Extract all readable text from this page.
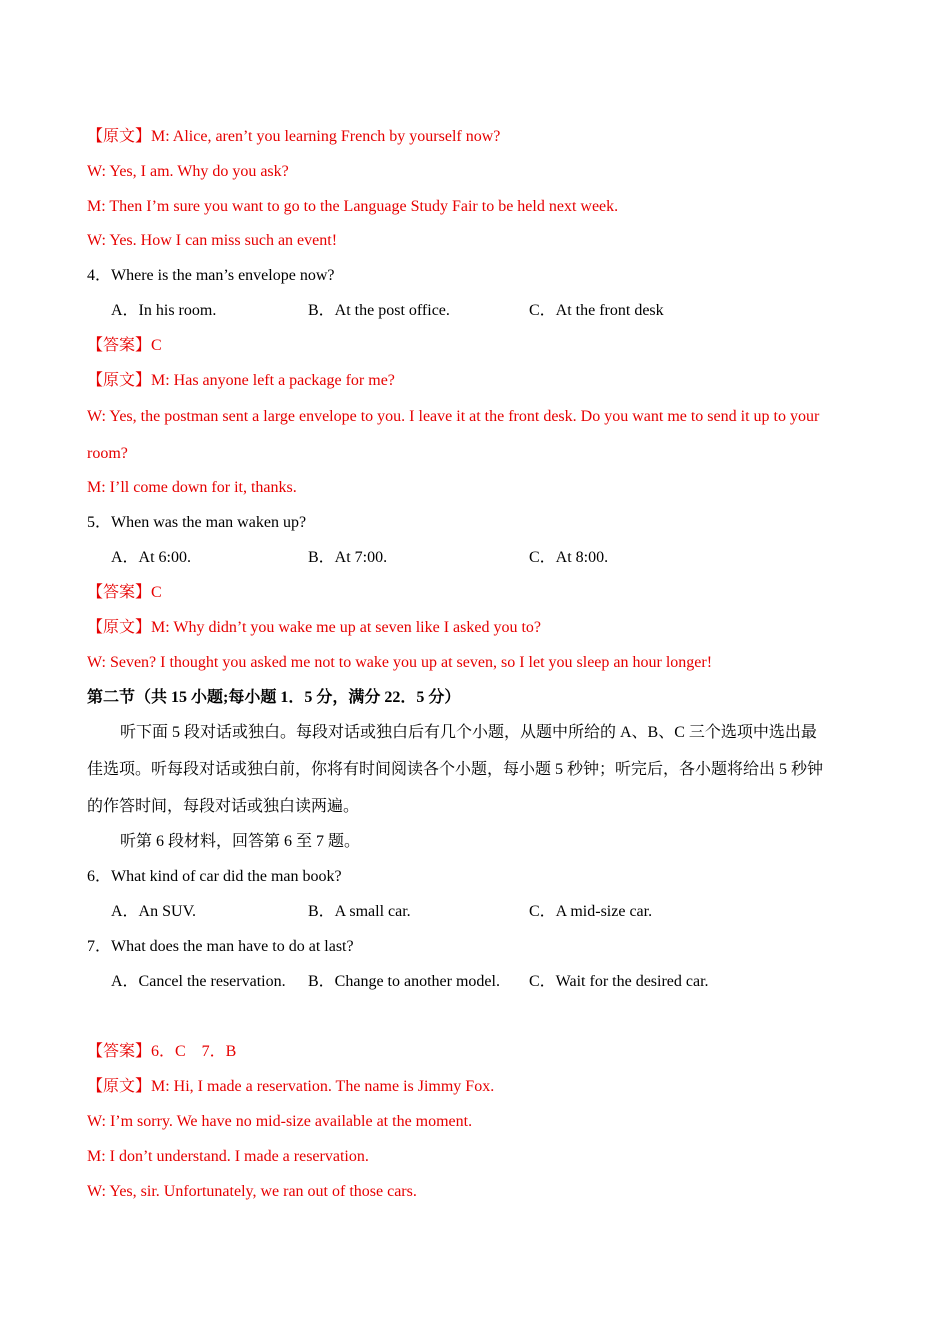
【原文】M: Alice, aren’t you learning French by yourself now?
W: Yes, I am. Why do you ask?
M: Then I’m sure you want to go to the Language Study Fair to be held next week.
W: Yes. How I can miss such an event!
4．Where is the man’s envelope now?
A．In his room.	B．At the post office.	C．At the front desk
【答案】C
【原文】M: Has anyone left a package for me?
W: Yes, the postman sent a large envelope to you. I leave it at the front desk. Do you want me to send it up to your
room?
M: I’ll come down for it, thanks.
5．When was the man waken up?
A．At 6:00.	B．At 7:00.	C．At 8:00.
【答案】C
【原文】M: Why didn’t you wake me up at seven like I asked you to?
W: Seven? I thought you asked me not to wake you up at seven, so I let you sleep an hour longer!
第二节（共 15 小题;每小题 1．5 分，满分 22．5 分）
听下面 5 段对话或独白。每段对话或独白后有几个小题，从题中所给的 A、B、C 三个选项中选出最
佳选项。听每段对话或独白前，你将有时间阅读各个小题，每小题 5 秒钟；听完后，各小题将给出 5 秒钟
的作答时间，每段对话或独白读两遍。
听第 6 段材料，回答第 6 至 7 题。
6．What kind of car did the man book?
A．An SUV.	B．A small car.	C．A mid-size car.
7．What does the man have to do at last?
A．Cancel the reservation. B．Change to another model. C．Wait for the desired car.
【答案】6．C    7．B
【原文】M: Hi, I made a reservation. The name is Jimmy Fox.
W: I’m sorry. We have no mid-size available at the moment.
M: I don’t understand. I made a reservation.
W: Yes, sir. Unfortunately, we ran out of those cars.
